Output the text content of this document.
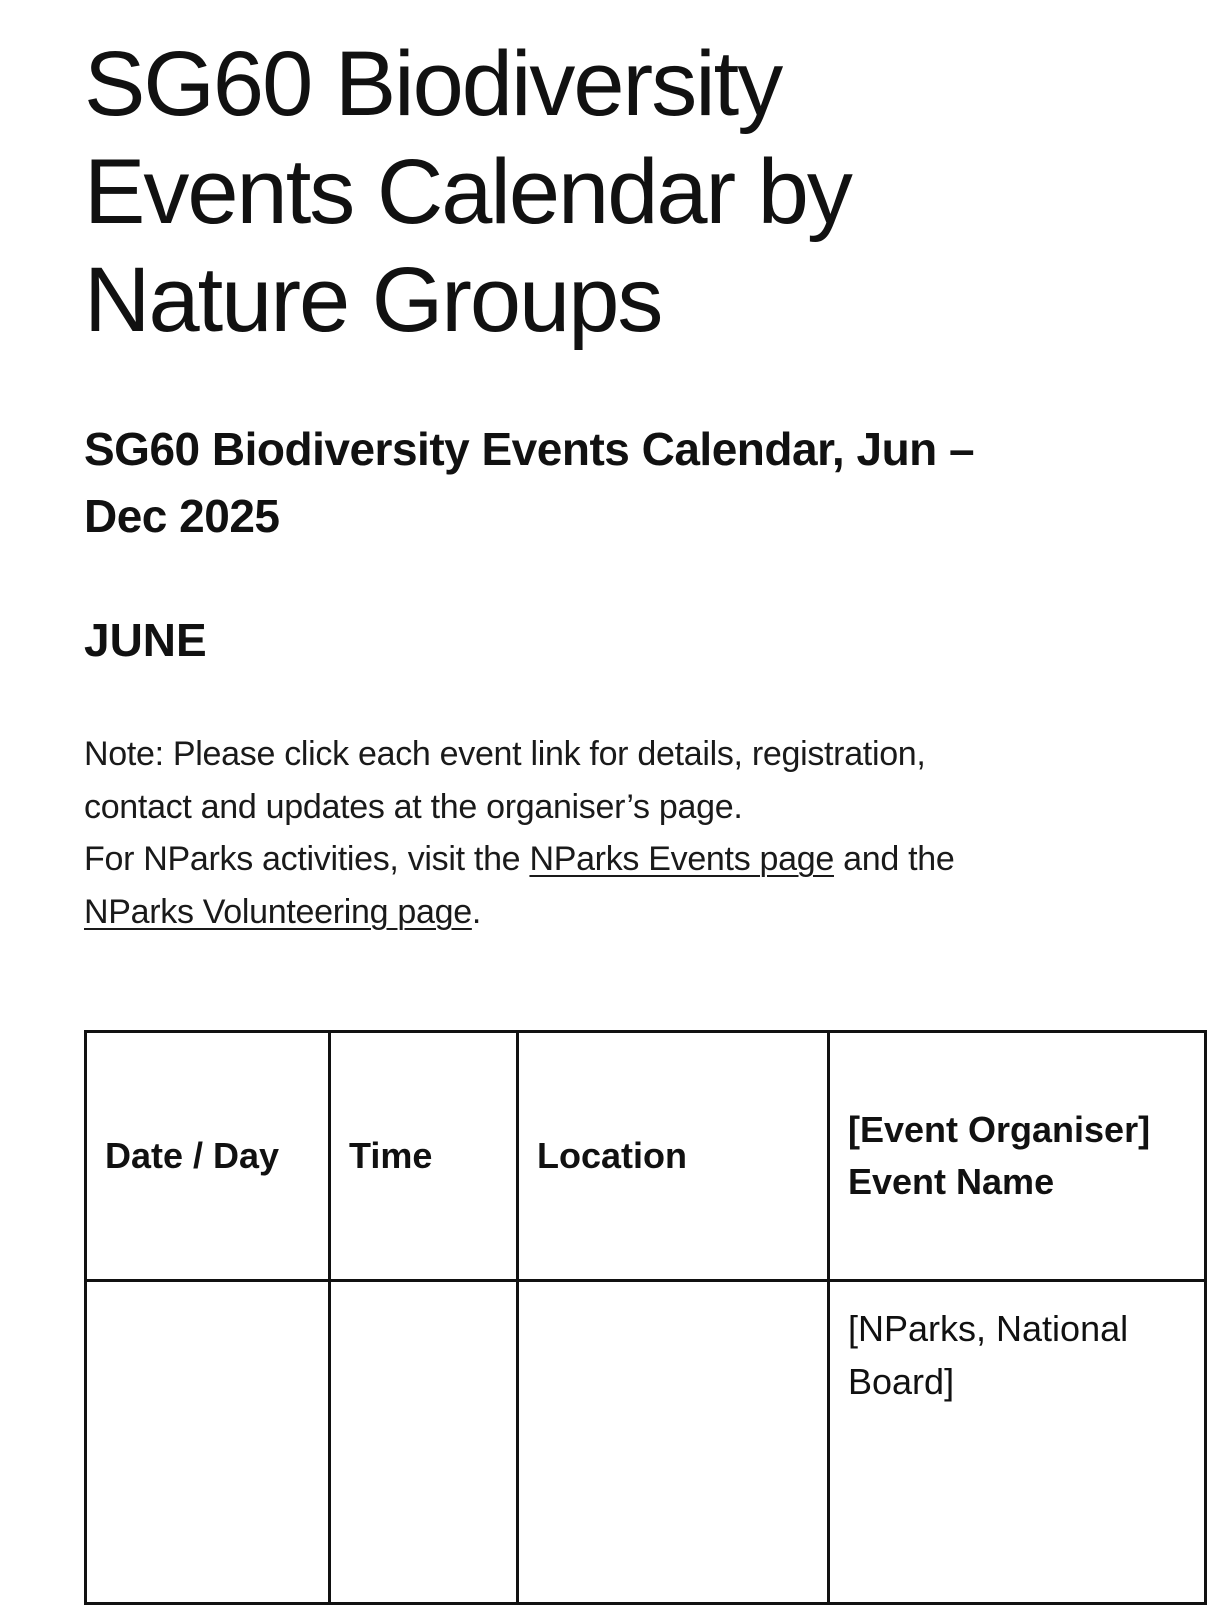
SG60 Biodiversity Events Calendar by Nature Groups
SG60 Biodiversity Events Calendar, Jun – Dec 2025
JUNE

Note: Please click each event link for details, registration, contact and updates at the organiser’s page.
For NParks activities, visit the NParks Events page and the NParks Volunteering page.

Date / Day	Time	Location	[Event Organiser] Event Name
			[NParks, National Board]
